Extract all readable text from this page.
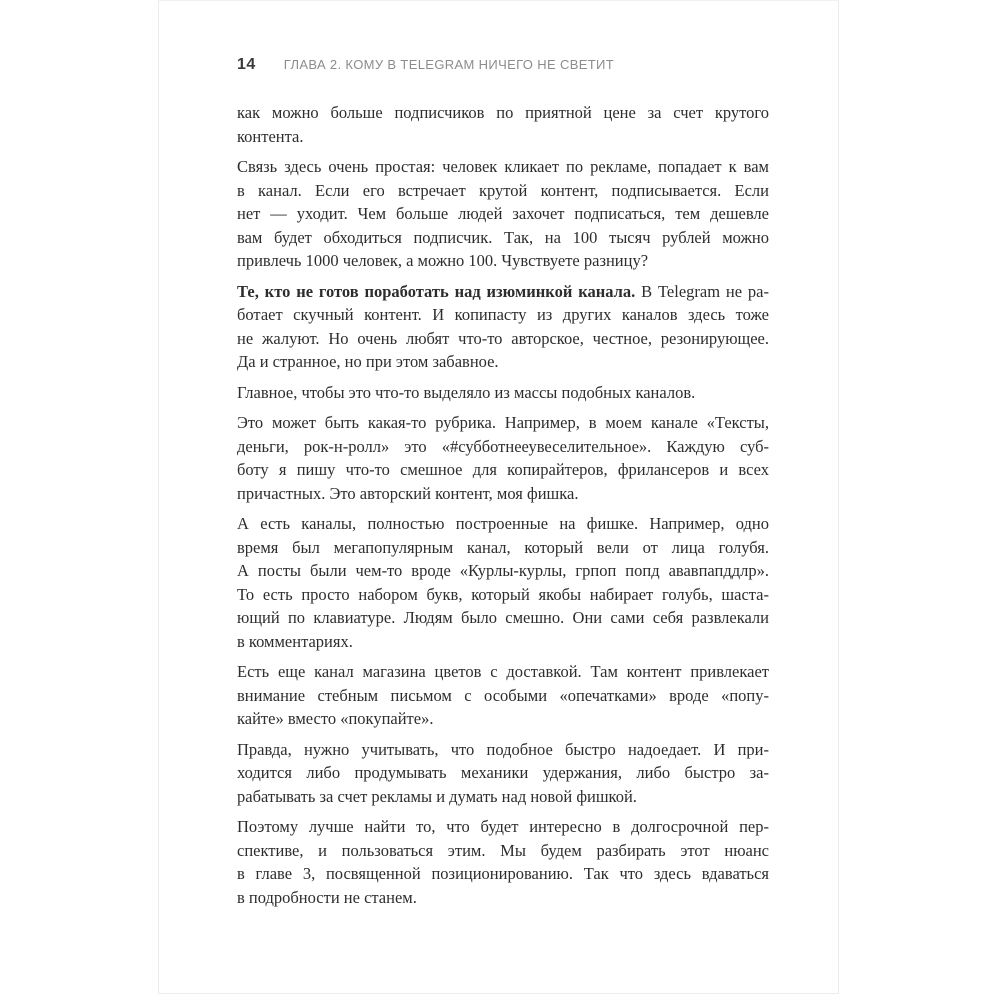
14 ГЛАВА 2. КОМУ В TELEGRAM НИЧЕГО НЕ СВЕТИТ
как можно больше подписчиков по приятной цене за счет крутого
контента.
Связь здесь очень простая: человек кликает по рекламе, попадает к вам
в канал. Если его встречает крутой контент, подписывается. Если
нет — уходит. Чем больше людей захочет подписаться, тем дешевле
вам будет обходиться подписчик. Так, на 100 тысяч рублей можно
привлечь 1000 человек, а можно 100. Чувствуете разницу?
Те, кто не готов поработать над изюминкой канала. В Telegram не ра-
ботает скучный контент. И копипасту из других каналов здесь тоже
не жалуют. Но очень любят что-то авторское, честное, резонирующее.
Да и странное, но при этом забавное.
Главное, чтобы это что-то выделяло из массы подобных каналов.
Это может быть какая-то рубрика. Например, в моем канале «Тексты,
деньги, рок-н-ролл» это «#субботнееувеселительное». Каждую суб-
боту я пишу что-то смешное для копирайтеров, фрилансеров и всех
причастных. Это авторский контент, моя фишка.
А есть каналы, полностью построенные на фишке. Например, одно
время был мегапопулярным канал, который вели от лица голубя.
А посты были чем-то вроде «Курлы-курлы, грпоп попд ававпапддлр».
То есть просто набором букв, который якобы набирает голубь, шаста-
ющий по клавиатуре. Людям было смешно. Они сами себя развлекали
в комментариях.
Есть еще канал магазина цветов с доставкой. Там контент привлекает
внимание стебным письмом с особыми «опечатками» вроде «попу-
кайте» вместо «покупайте».
Правда, нужно учитывать, что подобное быстро надоедает. И при-
ходится либо продумывать механики удержания, либо быстро за-
рабатывать за счет рекламы и думать над новой фишкой.
Поэтому лучше найти то, что будет интересно в долгосрочной пер-
спективе, и пользоваться этим. Мы будем разбирать этот нюанс
в главе 3, посвященной позиционированию. Так что здесь вдаваться
в подробности не станем.
